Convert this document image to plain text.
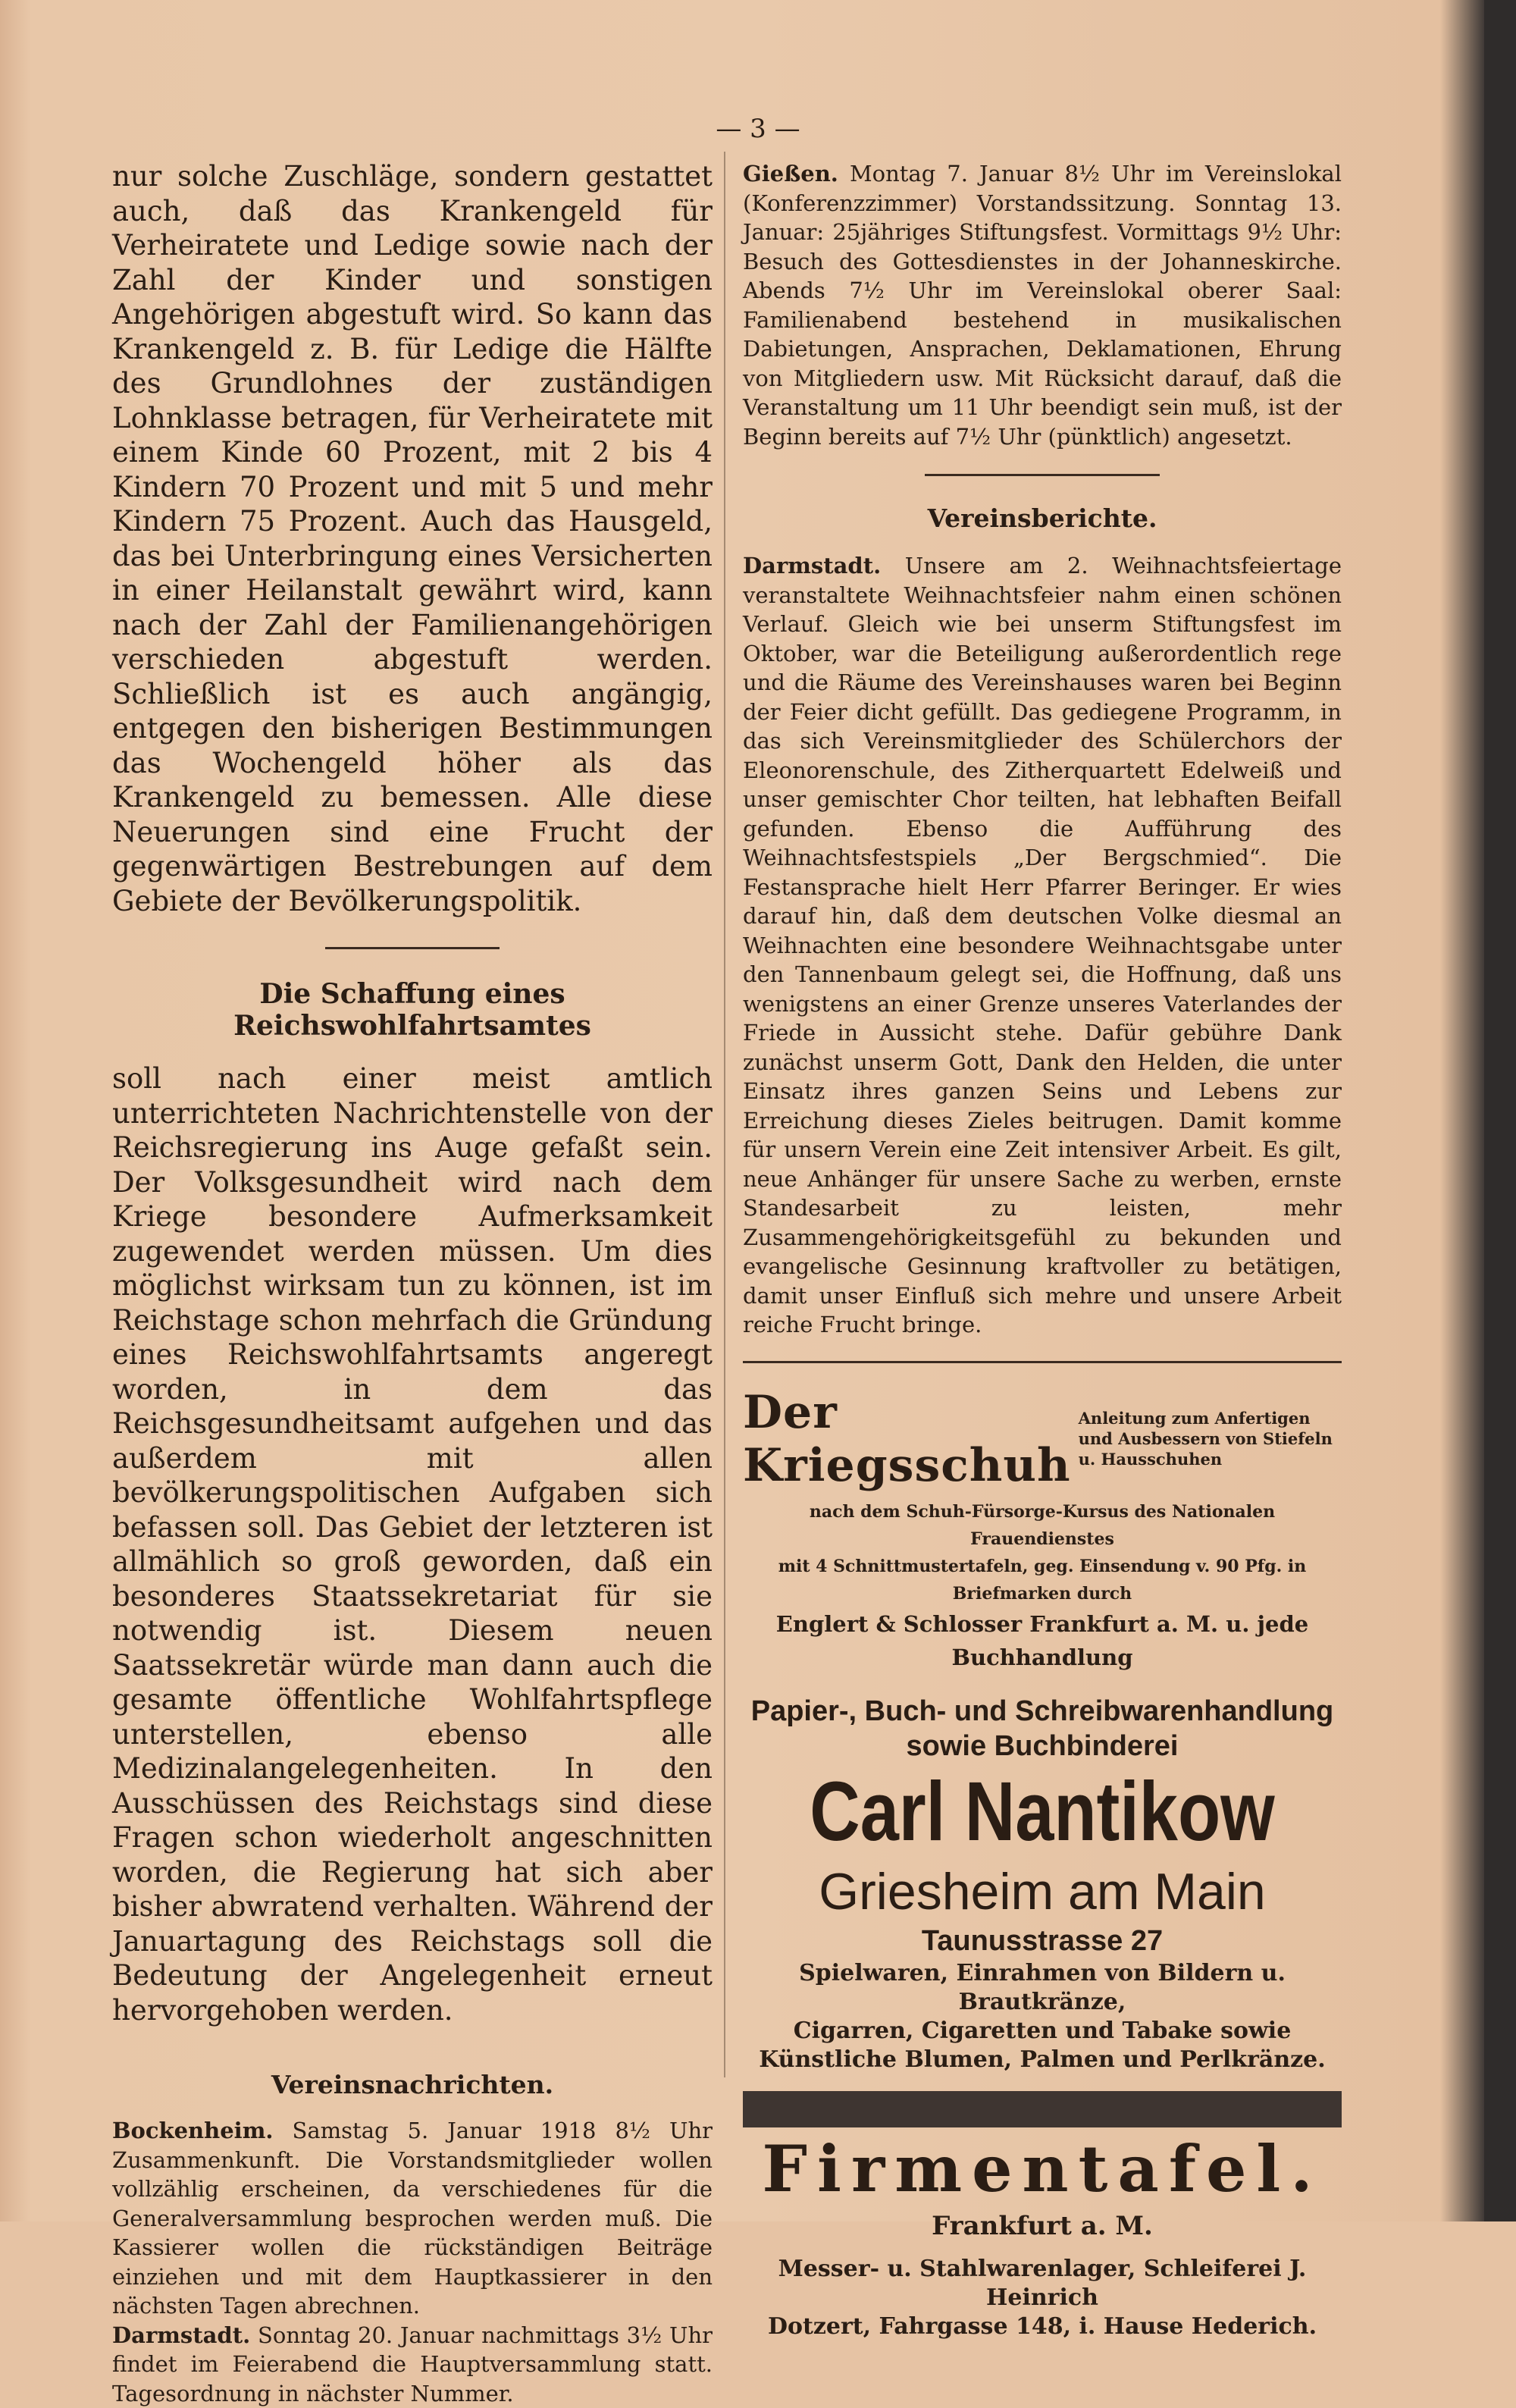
— 3 —

nur solche Zuschläge, sondern gestattet auch, daß das Krankengeld für Verheiratete und Ledige sowie nach der Zahl der Kinder und sonstigen Angehörigen abgestuft wird. So kann das Krankengeld z. B. für Ledige die Hälfte des Grundlohnes der zuständigen Lohnklasse betragen, für Verheiratete mit einem Kinde 60 Prozent, mit 2 bis 4 Kindern 70 Prozent und mit 5 und mehr Kindern 75 Prozent. Auch das Hausgeld, das bei Unterbringung eines Versicherten in einer Heilanstalt gewährt wird, kann nach der Zahl der Familienangehörigen verschieden abgestuft werden. Schließlich ist es auch angängig, entgegen den bisherigen Bestimmungen das Wochengeld höher als das Krankengeld zu bemessen. Alle diese Neuerungen sind eine Frucht der gegenwärtigen Bestrebungen auf dem Gebiete der Bevölkerungspolitik.

Die Schaffung eines Reichswohlfahrtsamtes

soll nach einer meist amtlich unterrichteten Nachrichtenstelle von der Reichsregierung ins Auge gefaßt sein. Der Volksgesundheit wird nach dem Kriege besondere Aufmerksamkeit zugewendet werden müssen. Um dies möglichst wirksam tun zu können, ist im Reichstage schon mehrfach die Gründung eines Reichswohlfahrtsamts angeregt worden, in dem das Reichsgesundheitsamt aufgehen und das außerdem mit allen bevölkerungspolitischen Aufgaben sich befassen soll. Das Gebiet der letzteren ist allmählich so groß geworden, daß ein besonderes Staatssekretariat für sie notwendig ist. Diesem neuen Saatssekretär würde man dann auch die gesamte öffentliche Wohlfahrtspflege unterstellen, ebenso alle Medizinalangelegenheiten. In den Ausschüssen des Reichstags sind diese Fragen schon wiederholt angeschnitten worden, die Regierung hat sich aber bisher abwratend verhalten. Während der Januartagung des Reichstags soll die Bedeutung der Angelegenheit erneut hervorgehoben werden.

Vereinsnachrichten.

Bockenheim. Samstag 5. Januar 1918 8½ Uhr Zusammenkunft. Die Vorstandsmitglieder wollen vollzählig erscheinen, da verschiedenes für die Generalversammlung besprochen werden muß. Die Kassierer wollen die rückständigen Beiträge einziehen und mit dem Hauptkassierer in den nächsten Tagen abrechnen.

Darmstadt. Sonntag 20. Januar nachmittags 3½ Uhr findet im Feierabend die Hauptversammlung statt. Tagesordnung in nächster Nummer.

Gießen. Montag 7. Januar 8½ Uhr im Vereinslokal (Konferenzzimmer) Vorstandssitzung. Sonntag 13. Januar: 25jähriges Stiftungsfest. Vormittags 9½ Uhr: Besuch des Gottesdienstes in der Johanneskirche. Abends 7½ Uhr im Vereinslokal oberer Saal: Familienabend bestehend in musikalischen Dabietungen, Ansprachen, Deklamationen, Ehrung von Mitgliedern usw. Mit Rücksicht darauf, daß die Veranstaltung um 11 Uhr beendigt sein muß, ist der Beginn bereits auf 7½ Uhr (pünktlich) angesetzt.

Vereinsberichte.

Darmstadt. Unsere am 2. Weihnachtsfeiertage veranstaltete Weihnachtsfeier nahm einen schönen Verlauf. Gleich wie bei unserm Stiftungsfest im Oktober, war die Beteiligung außerordentlich rege und die Räume des Vereinshauses waren bei Beginn der Feier dicht gefüllt. Das gediegene Programm, in das sich Vereinsmitglieder des Schülerchors der Eleonorenschule, des Zitherquartett Edelweiß und unser gemischter Chor teilten, hat lebhaften Beifall gefunden. Ebenso die Aufführung des Weihnachtsfestspiels „Der Bergschmied“. Die Festansprache hielt Herr Pfarrer Beringer. Er wies darauf hin, daß dem deutschen Volke diesmal an Weihnachten eine besondere Weihnachtsgabe unter den Tannenbaum gelegt sei, die Hoffnung, daß uns wenigstens an einer Grenze unseres Vaterlandes der Friede in Aussicht stehe. Dafür gebühre Dank zunächst unserm Gott, Dank den Helden, die unter Einsatz ihres ganzen Seins und Lebens zur Erreichung dieses Zieles beitrugen. Damit komme für unsern Verein eine Zeit intensiver Arbeit. Es gilt, neue Anhänger für unsere Sache zu werben, ernste Standesarbeit zu leisten, mehr Zusammengehörigkeitsgefühl zu bekunden und evangelische Gesinnung kraftvoller zu betätigen, damit unser Einfluß sich mehre und unsere Arbeit reiche Frucht bringe.

Der Kriegsschuh
Anleitung zum Anfertigen und Ausbessern von Stiefeln u. Hausschuhen
nach dem Schuh-Fürsorge-Kursus des Nationalen Frauendienstes
mit 4 Schnittmustertafeln, geg. Einsendung v. 90 Pfg. in Briefmarken durch
Englert & Schlosser Frankfurt a. M. u. jede Buchhandlung
Papier-, Buch- und Schreibwarenhandlung
sowie Buchbinderei
Carl Nantikow
Griesheim am Main
Taunusstrasse 27
Spielwaren, Einrahmen von Bildern u. Brautkränze,
Cigarren, Cigaretten und Tabake sowie
Künstliche Blumen, Palmen und Perlkränze.
Firmentafel.
Frankfurt a. M.
Messer- u. Stahlwarenlager, Schleiferei J. Heinrich
Dotzert, Fahrgasse 148, i. Hause Hederich.
